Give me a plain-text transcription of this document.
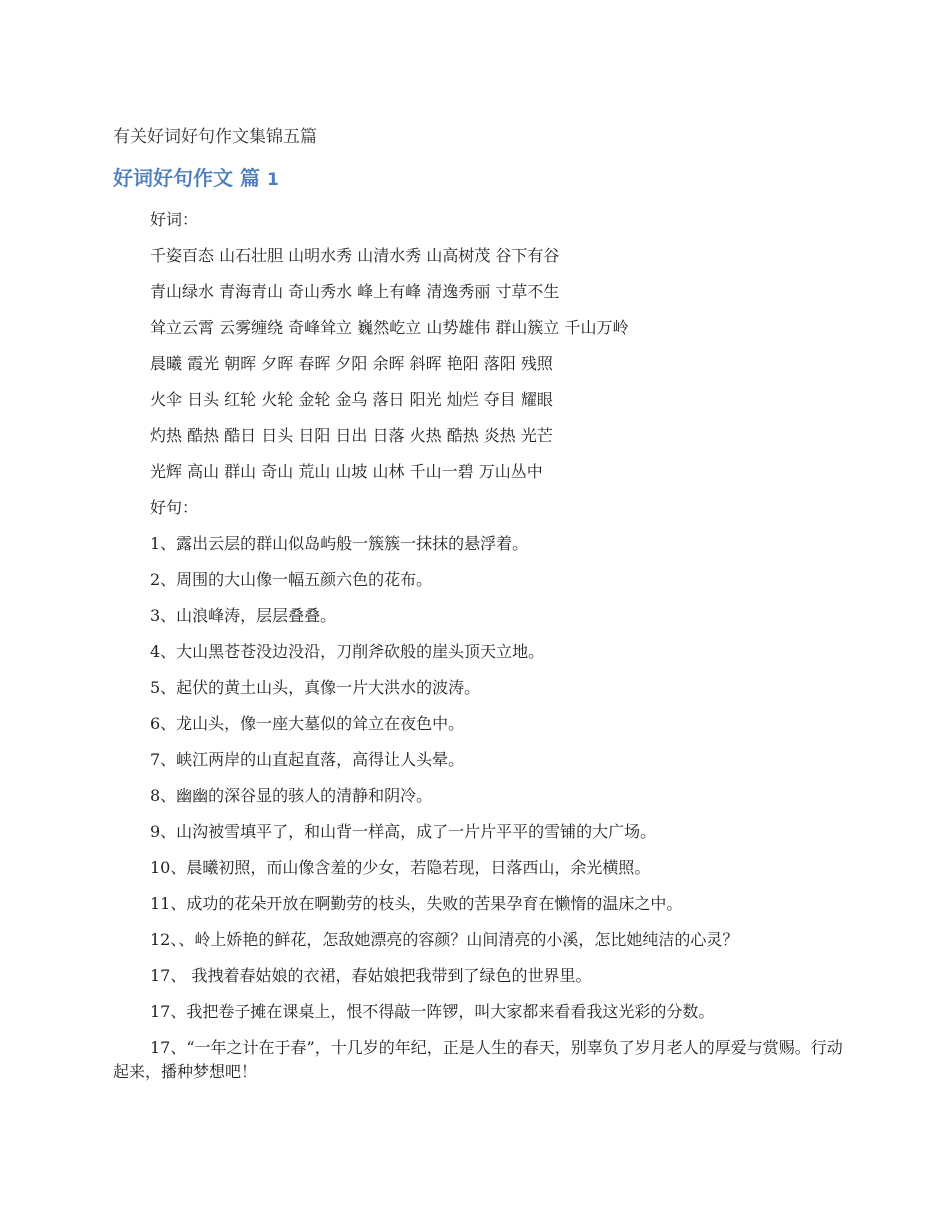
有关好词好句作文集锦五篇
好词好句作文 篇 1

好词：

千姿百态 山石壮胆 山明水秀 山清水秀 山高树茂 谷下有谷

青山绿水 青海青山 奇山秀水 峰上有峰 清逸秀丽 寸草不生

耸立云霄 云雾缠绕 奇峰耸立 巍然屹立 山势雄伟 群山簇立 千山万岭

晨曦 霞光 朝晖 夕晖 春晖 夕阳 余晖 斜晖 艳阳 落阳 残照

火伞 日头 红轮 火轮 金轮 金乌 落日 阳光 灿烂 夺目 耀眼

灼热 酷热 酷日 日头 日阳 日出 日落 火热 酷热 炎热 光芒

光辉 高山 群山 奇山 荒山 山坡 山林 千山一碧 万山丛中

好句：

1、露出云层的群山似岛屿般一簇簇一抹抹的悬浮着。

2、周围的大山像一幅五颜六色的花布。

3、山浪峰涛，层层叠叠。

4、大山黑苍苍没边没沿，刀削斧砍般的崖头顶天立地。

5、起伏的黄土山头，真像一片大洪水的波涛。

6、龙山头，像一座大墓似的耸立在夜色中。

7、峡江两岸的山直起直落，高得让人头晕。

8、幽幽的深谷显的骇人的清静和阴冷。

9、山沟被雪填平了，和山背一样高，成了一片片平平的雪铺的大广场。

10、晨曦初照，而山像含羞的少女，若隐若现，日落西山，余光横照。

11、成功的花朵开放在啊勤劳的枝头，失败的苦果孕育在懒惰的温床之中。

12、、岭上娇艳的鲜花，怎敌她漂亮的容颜？山间清亮的小溪，怎比她纯洁的心灵？

17、 我拽着春姑娘的衣裙，春姑娘把我带到了绿色的世界里。

17、我把卷子摊在课桌上，恨不得敲一阵锣，叫大家都来看看我这光彩的分数。

17、“一年之计在于春”，十几岁的年纪，正是人生的春天，别辜负了岁月老人的厚爱与赏赐。行动起来，播种梦想吧！
